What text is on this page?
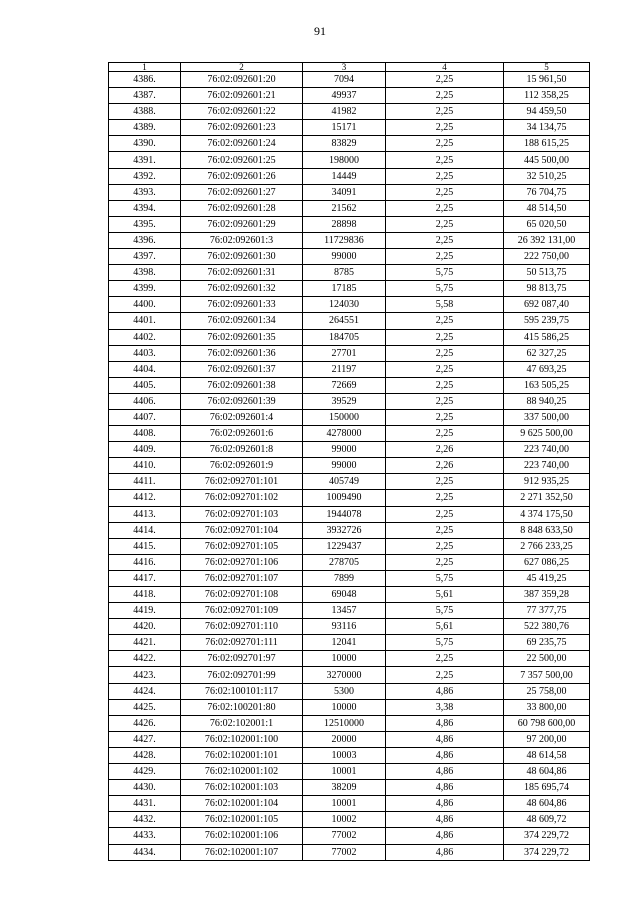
91
1	2	3	4	5
4386.	76:02:092601:20	7094	2,25	15 961,50
4387.	76:02:092601:21	49937	2,25	112 358,25
4388.	76:02:092601:22	41982	2,25	94 459,50
4389.	76:02:092601:23	15171	2,25	34 134,75
4390.	76:02:092601:24	83829	2,25	188 615,25
4391.	76:02:092601:25	198000	2,25	445 500,00
4392.	76:02:092601:26	14449	2,25	32 510,25
4393.	76:02:092601:27	34091	2,25	76 704,75
4394.	76:02:092601:28	21562	2,25	48 514,50
4395.	76:02:092601:29	28898	2,25	65 020,50
4396.	76:02:092601:3	11729836	2,25	26 392 131,00
4397.	76:02:092601:30	99000	2,25	222 750,00
4398.	76:02:092601:31	8785	5,75	50 513,75
4399.	76:02:092601:32	17185	5,75	98 813,75
4400.	76:02:092601:33	124030	5,58	692 087,40
4401.	76:02:092601:34	264551	2,25	595 239,75
4402.	76:02:092601:35	184705	2,25	415 586,25
4403.	76:02:092601:36	27701	2,25	62 327,25
4404.	76:02:092601:37	21197	2,25	47 693,25
4405.	76:02:092601:38	72669	2,25	163 505,25
4406.	76:02:092601:39	39529	2,25	88 940,25
4407.	76:02:092601:4	150000	2,25	337 500,00
4408.	76:02:092601:6	4278000	2,25	9 625 500,00
4409.	76:02:092601:8	99000	2,26	223 740,00
4410.	76:02:092601:9	99000	2,26	223 740,00
4411.	76:02:092701:101	405749	2,25	912 935,25
4412.	76:02:092701:102	1009490	2,25	2 271 352,50
4413.	76:02:092701:103	1944078	2,25	4 374 175,50
4414.	76:02:092701:104	3932726	2,25	8 848 633,50
4415.	76:02:092701:105	1229437	2,25	2 766 233,25
4416.	76:02:092701:106	278705	2,25	627 086,25
4417.	76:02:092701:107	7899	5,75	45 419,25
4418.	76:02:092701:108	69048	5,61	387 359,28
4419.	76:02:092701:109	13457	5,75	77 377,75
4420.	76:02:092701:110	93116	5,61	522 380,76
4421.	76:02:092701:111	12041	5,75	69 235,75
4422.	76:02:092701:97	10000	2,25	22 500,00
4423.	76:02:092701:99	3270000	2,25	7 357 500,00
4424.	76:02:100101:117	5300	4,86	25 758,00
4425.	76:02:100201:80	10000	3,38	33 800,00
4426.	76:02:102001:1	12510000	4,86	60 798 600,00
4427.	76:02:102001:100	20000	4,86	97 200,00
4428.	76:02:102001:101	10003	4,86	48 614,58
4429.	76:02:102001:102	10001	4,86	48 604,86
4430.	76:02:102001:103	38209	4,86	185 695,74
4431.	76:02:102001:104	10001	4,86	48 604,86
4432.	76:02:102001:105	10002	4,86	48 609,72
4433.	76:02:102001:106	77002	4,86	374 229,72
4434.	76:02:102001:107	77002	4,86	374 229,72
